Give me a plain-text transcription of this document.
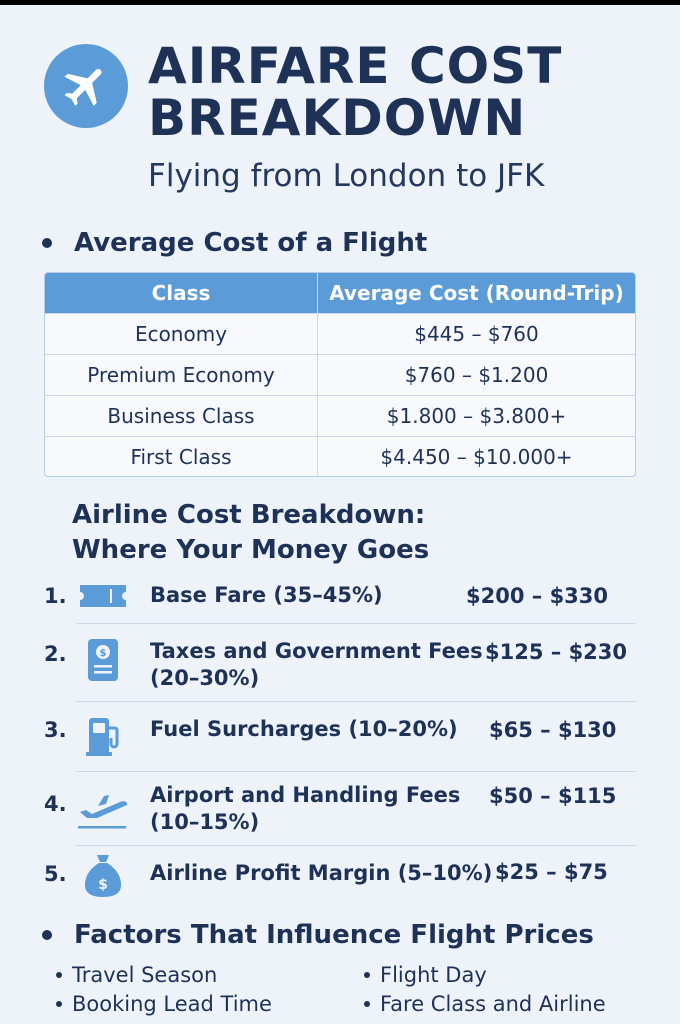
AIRFARE COST
BREAKDOWN
Flying from London to JFK
Average Cost of a Flight
Class	Average Cost (Round-Trip)
Economy	$445 – $760
Premium Economy	$760 – $1.200
Business Class	$1.800 – $3.800+
First Class	$4.450 – $10.000+
Airline Cost Breakdown:
Where Your Money Goes
1.	Base Fare (35–45%)	$200 – $330
2.	$ Taxes and Government Fees
(20–30%)
$125 – $230
3.	Fuel Surcharges (10–20%) $65 – $130
4.	Airport and Handling Fees
(10–15%)
$50 – $115
5. $ Airline Profit Margin (5–10%) $25 – $75
Factors That Influence Flight Prices
Travel Season	Flight Day
Booking Lead Time	Fare Class and Airline
